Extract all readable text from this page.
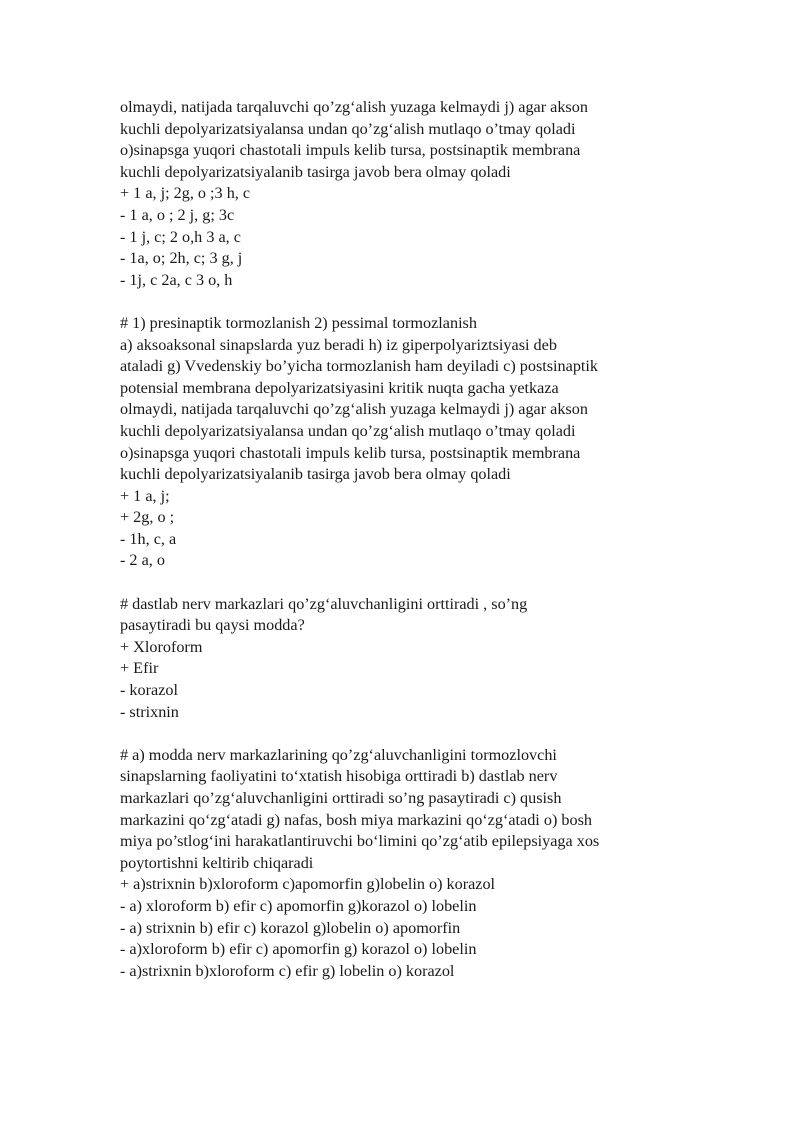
olmaydi, natijada tarqaluvchi qo’zg‘alish yuzaga kelmaydi j) agar akson

kuchli depolyarizatsiyalansa undan qo’zg‘alish mutlaqo o’tmay qoladi

o)sinapsga yuqori chastotali impuls kelib tursa, postsinaptik membrana

kuchli depolyarizatsiyalanib tasirga javob bera olmay qoladi

+ 1 a, j; 2g, o ;3 h, c

- 1 a, o ; 2 j, g; 3c

- 1 j, c; 2 o,h 3 a, c

- 1a, o; 2h, c; 3 g, j

- 1j, c 2a, c 3 o, h

# 1) presinaptik tormozlanish 2) pessimal tormozlanish

a) aksoaksonal sinapslarda yuz beradi h) iz giperpolyariztsiyasi deb

ataladi g) Vvedenskiy bo’yicha tormozlanish ham deyiladi c) postsinaptik

potensial membrana depolyarizatsiyasini kritik nuqta gacha yetkaza

olmaydi, natijada tarqaluvchi qo’zg‘alish yuzaga kelmaydi j) agar akson

kuchli depolyarizatsiyalansa undan qo’zg‘alish mutlaqo o’tmay qoladi

o)sinapsga yuqori chastotali impuls kelib tursa, postsinaptik membrana

kuchli depolyarizatsiyalanib tasirga javob bera olmay qoladi

+ 1 a, j;

+ 2g, o ;

- 1h, c, a

- 2 a, o

# dastlab nerv markazlari qo’zg‘aluvchanligini orttiradi , so’ng

pasaytiradi bu qaysi modda?

+ Xloroform

+ Efir

- korazol

- strixnin

# a) modda nerv markazlarining qo’zg‘aluvchanligini tormozlovchi

sinapslarning faoliyatini to‘xtatish hisobiga orttiradi b) dastlab nerv

markazlari qo’zg‘aluvchanligini orttiradi so’ng pasaytiradi c) qusish

markazini qo‘zg‘atadi g) nafas, bosh miya markazini qo‘zg‘atadi o) bosh

miya po’stlog‘ini harakatlantiruvchi bo‘limini qo’zg‘atib epilepsiyaga xos

poytortishni keltirib chiqaradi

+ a)strixnin b)xloroform c)apomorfin g)lobelin o) korazol

- a) xloroform b) efir c) apomorfin g)korazol o) lobelin

- a) strixnin b) efir c) korazol g)lobelin o) apomorfin

- a)xloroform b) efir c) apomorfin g) korazol o) lobelin

- a)strixnin b)xloroform c) efir g) lobelin o) korazol
